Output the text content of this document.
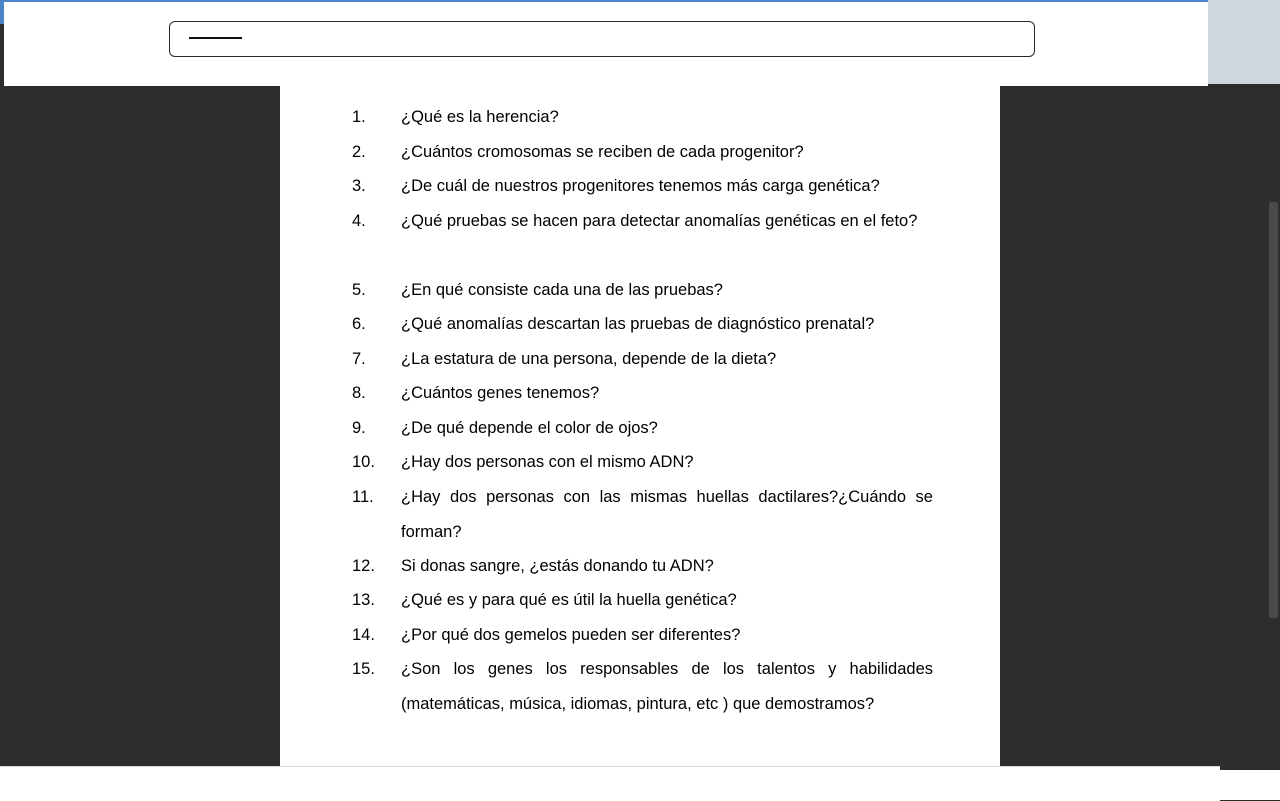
1.	¿Qué es la herencia?
2.	¿Cuántos cromosomas se reciben de cada progenitor?
3.	¿De cuál de nuestros progenitores tenemos más carga genética?
4.	¿Qué pruebas se hacen para detectar anomalías genéticas en el feto?
5.	¿En qué consiste cada una de las pruebas?
6.	¿Qué anomalías descartan las pruebas de diagnóstico prenatal?
7.	¿La estatura de una persona, depende de la dieta?
8.	¿Cuántos genes tenemos?
9.	¿De qué depende el color de ojos?
10.	¿Hay dos personas con el mismo ADN?
11.	¿Hay dos personas con las mismas huellas dactilares?¿Cuándo se forman?
12.	Si donas sangre, ¿estás donando tu ADN?
13.	¿Qué es y para qué es útil la huella genética?
14.	¿Por qué dos gemelos pueden ser diferentes?
15.	¿Son los genes los responsables de los talentos y habilidades (matemáticas, música, idiomas, pintura, etc ) que demostramos?
